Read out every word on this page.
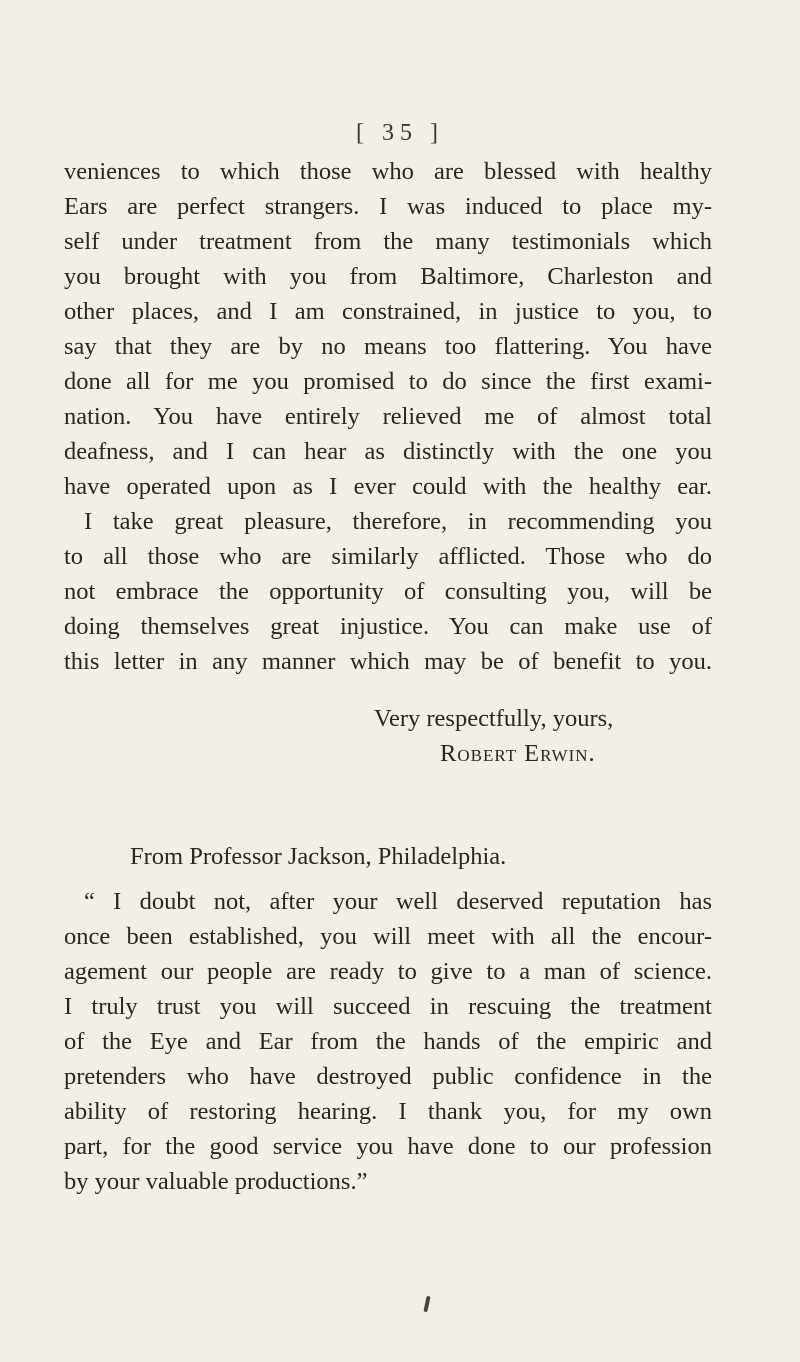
[ 35 ]
veniences to which those who are blessed with healthy
Ears are perfect strangers. I was induced to place my-
self under treatment from the many testimonials which
you brought with you from Baltimore, Charleston and
other places, and I am constrained, in justice to you, to
say that they are by no means too flattering. You have
done all for me you promised to do since the first exami-
nation. You have entirely relieved me of almost total
deafness, and I can hear as distinctly with the one you
have operated upon as I ever could with the healthy ear.
I take great pleasure, therefore, in recommending you
to all those who are similarly afflicted. Those who do
not embrace the opportunity of consulting you, will be
doing themselves great injustice. You can make use of
this letter in any manner which may be of benefit to you.
Very respectfully, yours,
Robert Erwin.
From Professor Jackson, Philadelphia.
“ I doubt not, after your well deserved reputation has
once been established, you will meet with all the encour-
agement our people are ready to give to a man of science.
I truly trust you will succeed in rescuing the treatment
of the Eye and Ear from the hands of the empiric and
pretenders who have destroyed public confidence in the
ability of restoring hearing. I thank you, for my own
part, for the good service you have done to our profession
by your valuable productions.”
